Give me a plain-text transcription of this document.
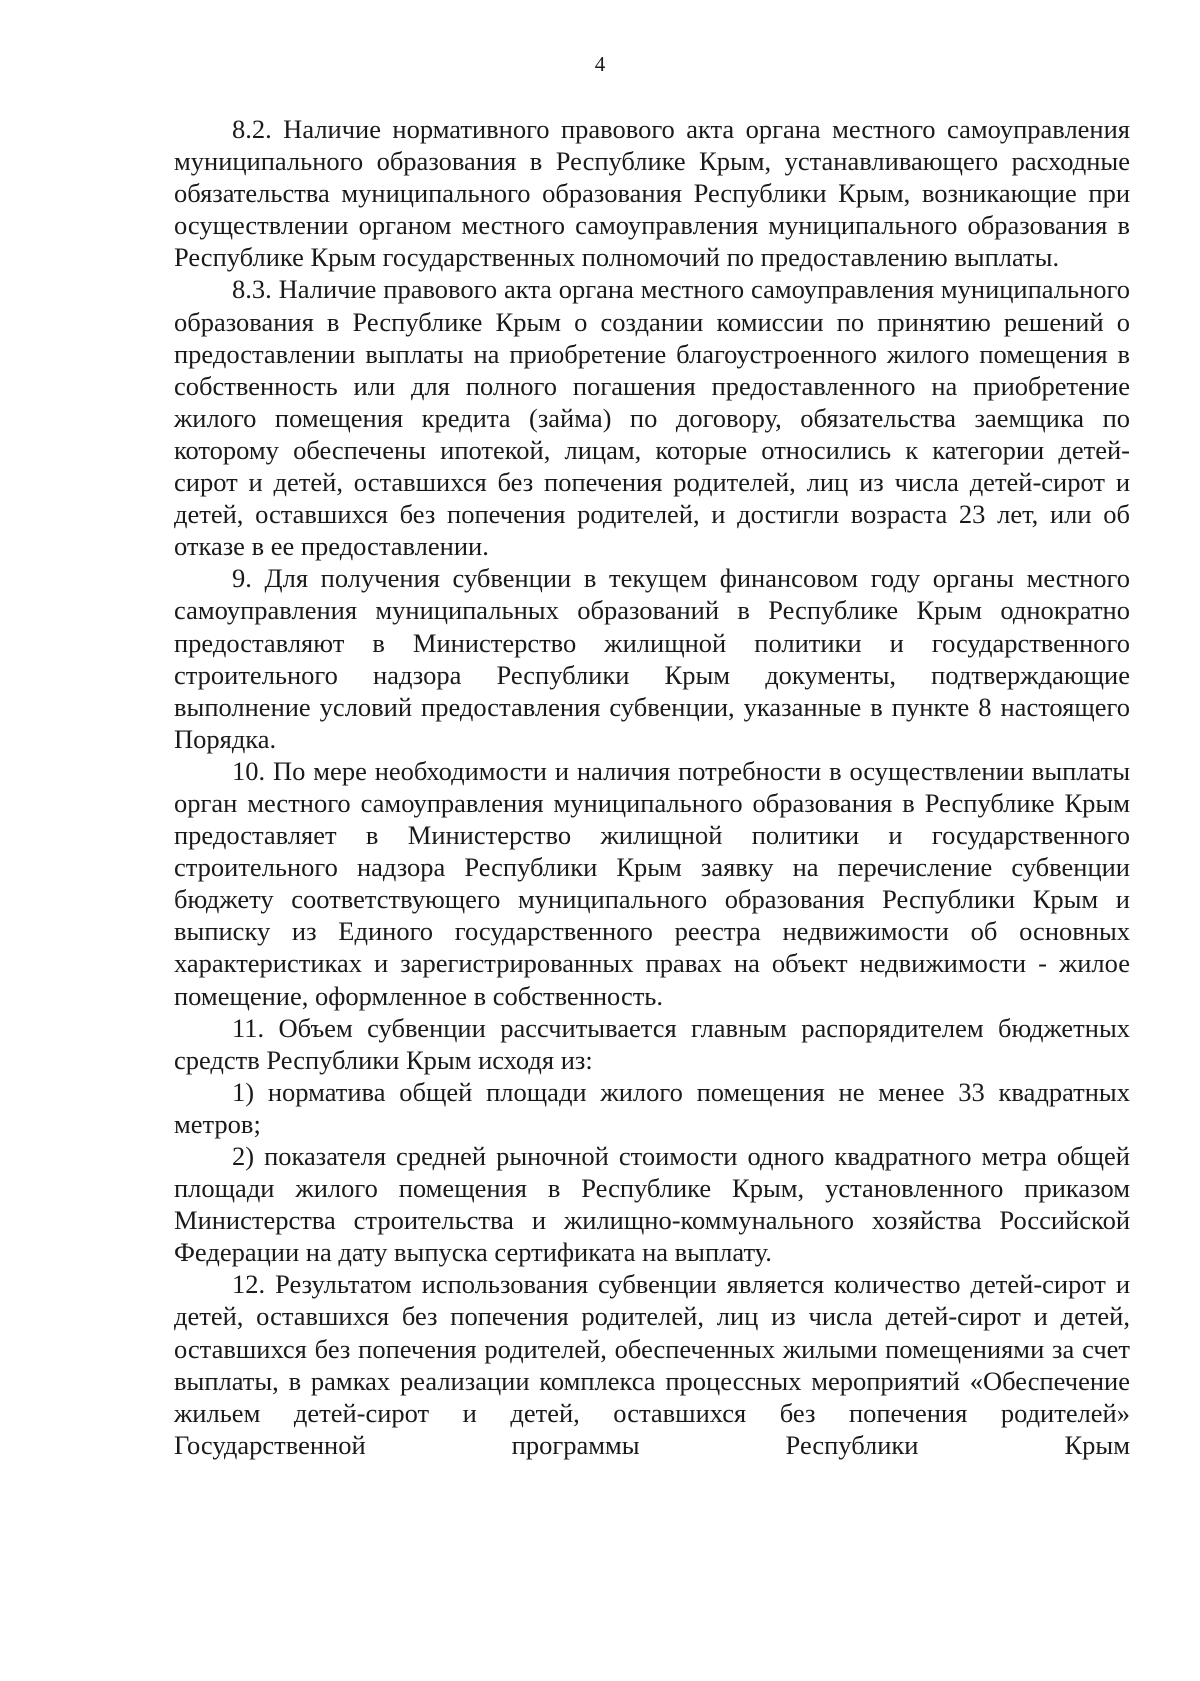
4

8.2. Наличие нормативного правового акта органа местного самоуправления муниципального образования в Республике Крым, устанавливающего расходные обязательства муниципального образования Республики Крым, возникающие при осуществлении органом местного самоуправления муниципального образования в Республике Крым государственных полномочий по предоставлению выплаты.

8.3. Наличие правового акта органа местного самоуправления муниципального образования в Республике Крым о создании комиссии по принятию решений о предоставлении выплаты на приобретение благоустроенного жилого помещения в собственность или для полного погашения предоставленного на приобретение жилого помещения кредита (займа) по договору, обязательства заемщика по которому обеспечены ипотекой, лицам, которые относились к категории детей-сирот и детей, оставшихся без попечения родителей, лиц из числа детей-сирот и детей, оставшихся без попечения родителей, и достигли возраста 23 лет, или об отказе в ее предоставлении.

9. Для получения субвенции в текущем финансовом году органы местного самоуправления муниципальных образований в Республике Крым однократно предоставляют в Министерство жилищной политики и государственного строительного надзора Республики Крым документы, подтверждающие выполнение условий предоставления субвенции, указанные в пункте 8 настоящего Порядка.

10. По мере необходимости и наличия потребности в осуществлении выплаты орган местного самоуправления муниципального образования в Республике Крым предоставляет в Министерство жилищной политики и государственного строительного надзора Республики Крым заявку на перечисление субвенции бюджету соответствующего муниципального образования Республики Крым и выписку из Единого государственного реестра недвижимости об основных характеристиках и зарегистрированных правах на объект недвижимости - жилое помещение, оформленное в собственность.

11. Объем субвенции рассчитывается главным распорядителем бюджетных средств Республики Крым исходя из:

1) норматива общей площади жилого помещения не менее 33 квадратных метров;

2) показателя средней рыночной стоимости одного квадратного метра общей площади жилого помещения в Республике Крым, установленного приказом Министерства строительства и жилищно-коммунального хозяйства Российской Федерации на дату выпуска сертификата на выплату.

12. Результатом использования субвенции является количество детей-сирот и детей, оставшихся без попечения родителей, лиц из числа детей-сирот и детей, оставшихся без попечения родителей, обеспеченных жилыми помещениями за счет выплаты, в рамках реализации комплекса процессных мероприятий «Обеспечение жильем детей-сирот и детей, оставшихся без попечения родителей» Государственной программы Республики Крым
